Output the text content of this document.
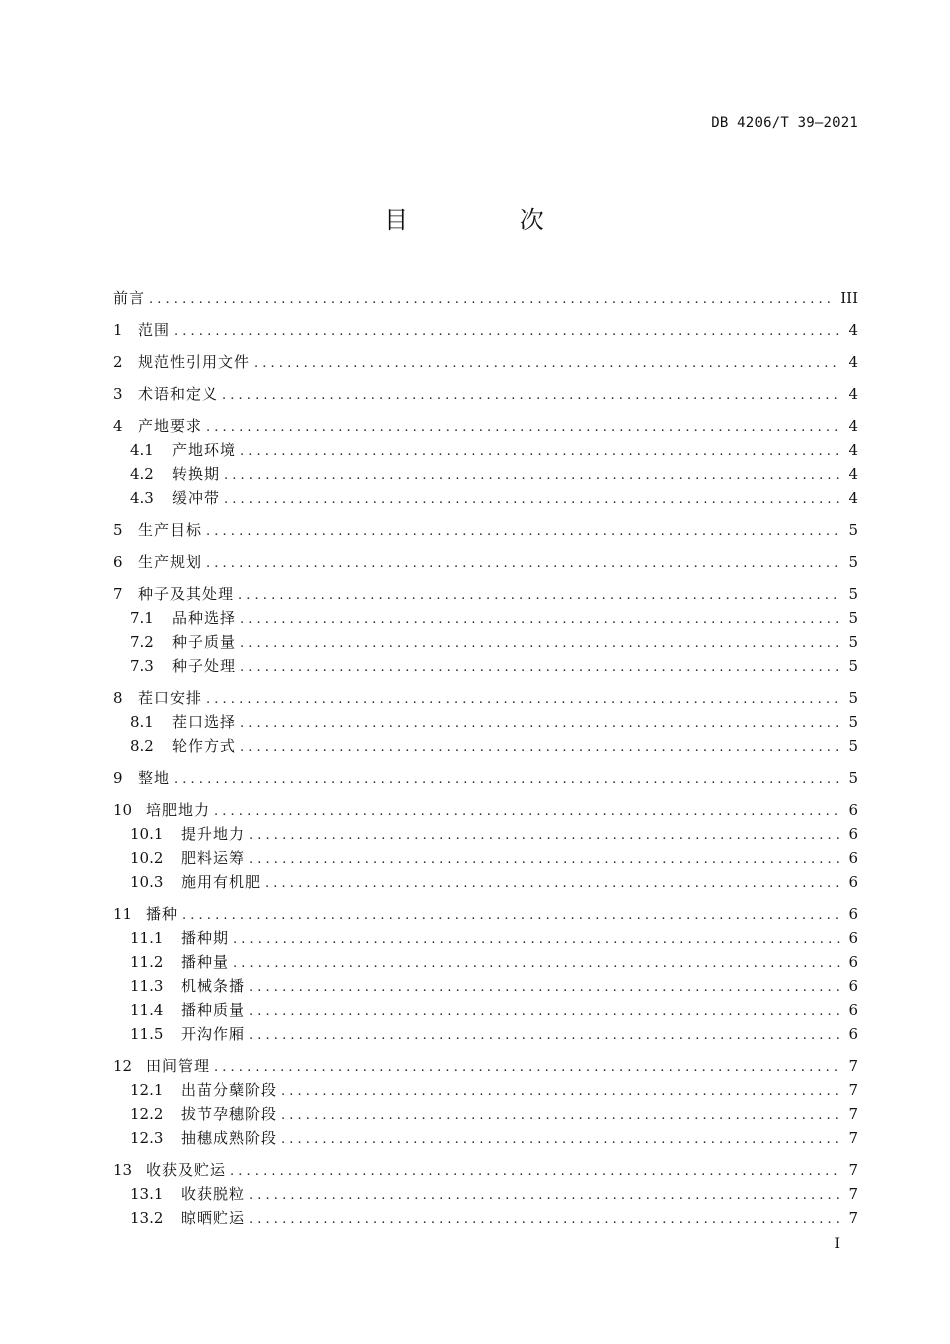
DB 4206/T 39—2021
目 次
前言 . . .	III
1	范围 . . .	4
2	规范性引用文件 . . .	4
3	术语和定义 . . .	4
4	产地要求 . . .	4
4.1	产地环境 . . .	4
4.2	转换期 . . .	4
4.3	缓冲带 . . .	4
5	生产目标 . . .	5
6	生产规划 . . .	5
7	种子及其处理 . . .	5
7.1	品种选择 . . .	5
7.2	种子质量 . . .	5
7.3	种子处理 . . .	5
8	茬口安排 . . .	5
8.1	茬口选择 . . .	5
8.2	轮作方式 . . .	5
9	整地 . . .	5
10 培肥地力 . . .	6
10.1	提升地力 . . .	6
10.2	肥料运筹 . . .	6
10.3	施用有机肥 . . .	6
11 播种 . . .	6
11.1	播种期 . . .	6
11.2	播种量 . . .	6
11.3	机械条播 . . .	6
11.4	播种质量 . . .	6
11.5	开沟作厢 . . .	6
12 田间管理 . . .	7
12.1	出苗分蘖阶段 . . .	7
12.2	拔节孕穗阶段 . . .	7
12.3	抽穗成熟阶段 . . .	7
13 收获及贮运 . . .	7
13.1	收获脱粒 . . .	7
13.2	晾晒贮运 . . .	7
I
